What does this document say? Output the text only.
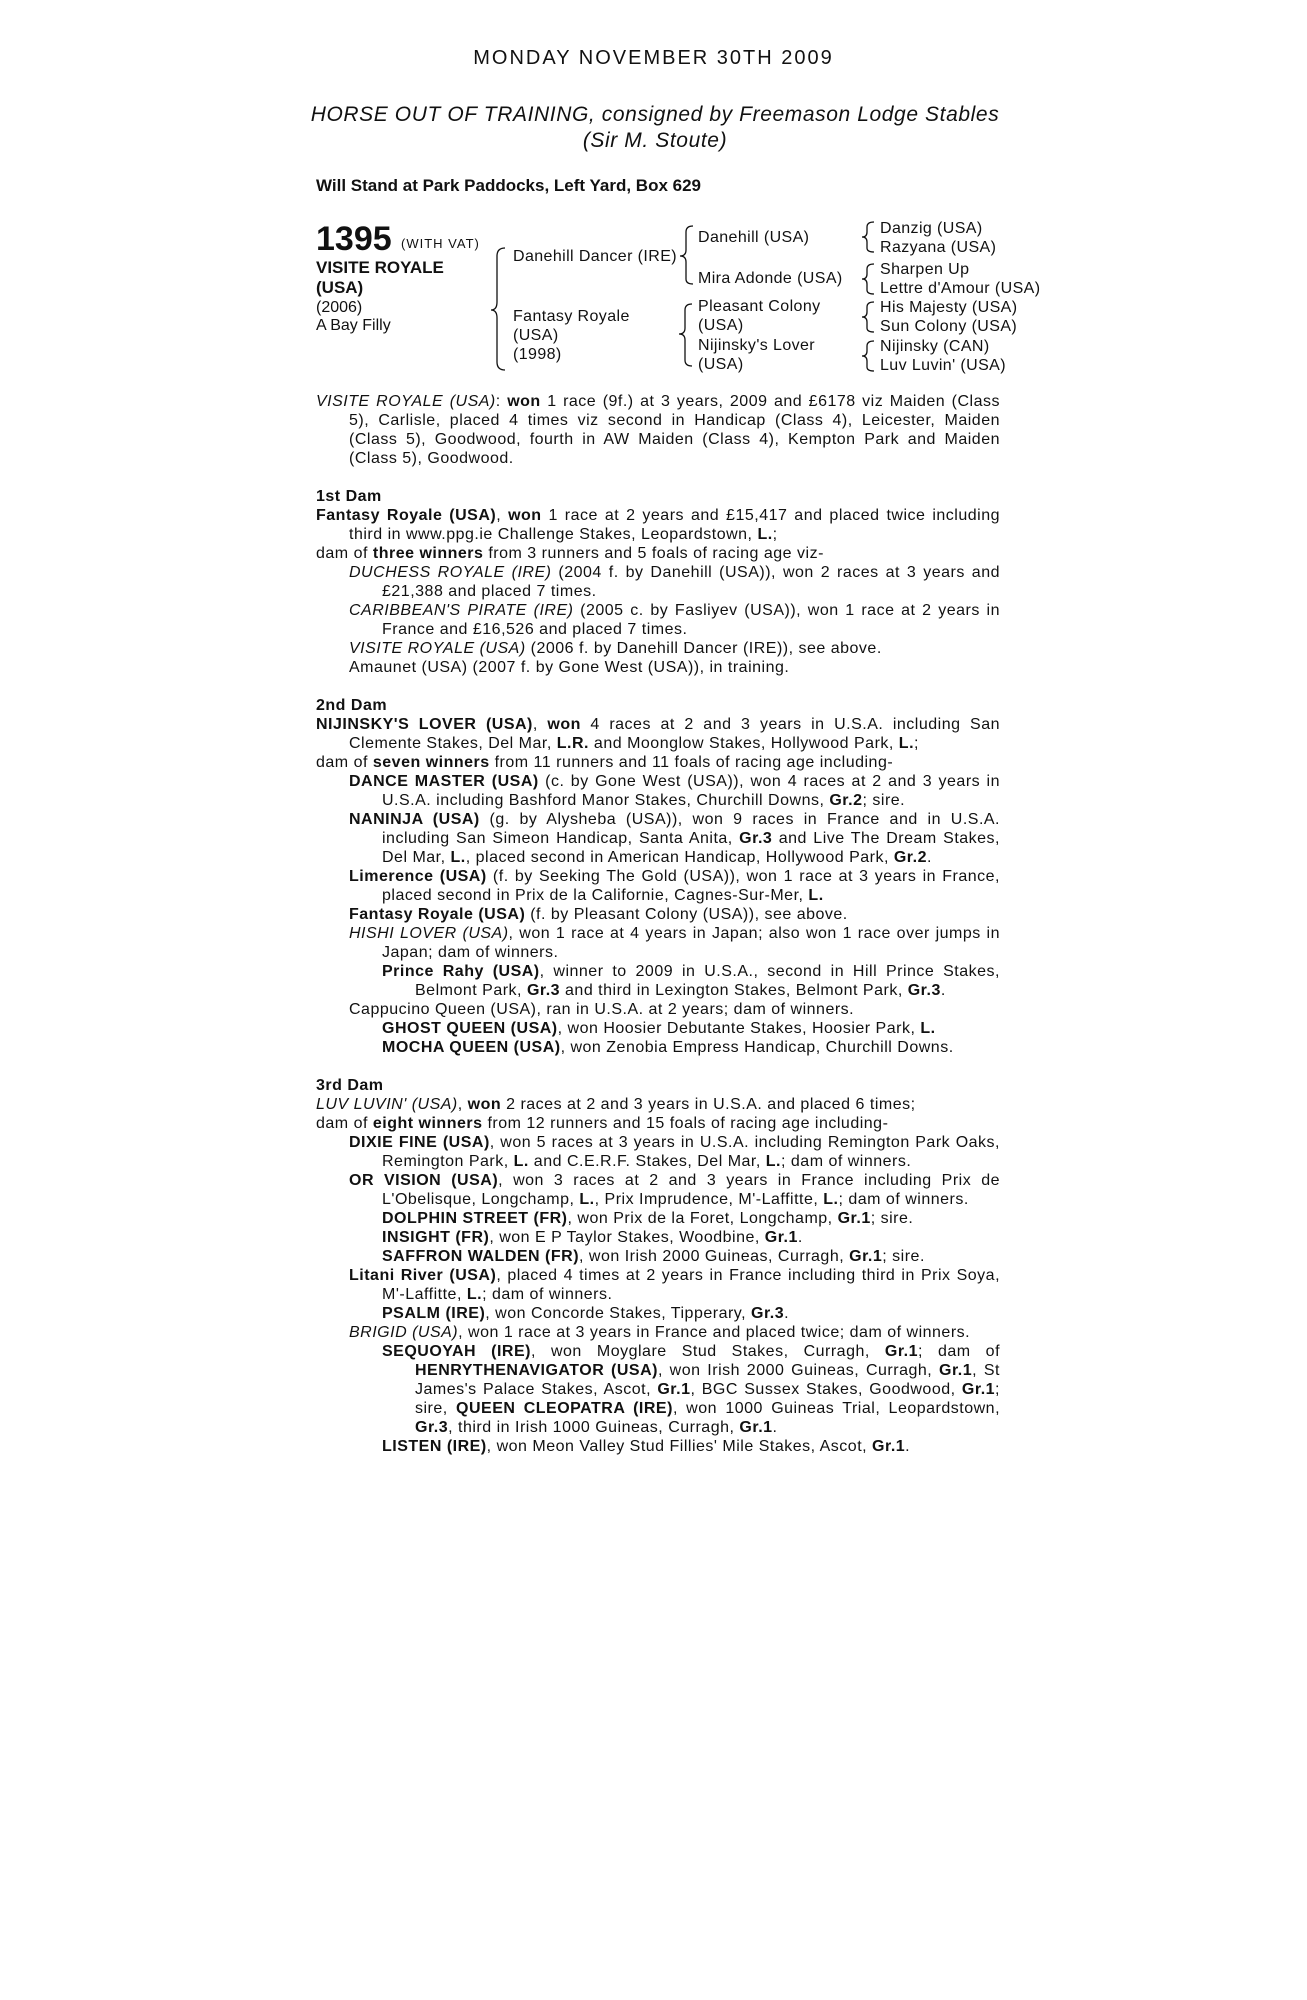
MONDAY NOVEMBER 30TH 2009
HORSE OUT OF TRAINING, consigned by Freemason Lodge Stables (Sir M. Stoute)
Will Stand at Park Paddocks, Left Yard, Box 629
1395 (WITH VAT)
VISITE ROYALE
(USA)
(2006)
A Bay Filly
Danehill Dancer (IRE)
Fantasy Royale
(USA)
(1998)
Danehill (USA)
Mira Adonde (USA)
Pleasant Colony
(USA)
Nijinsky's Lover
(USA)
Danzig (USA)
Razyana (USA)
Sharpen Up
Lettre d'Amour (USA)
His Majesty (USA)
Sun Colony (USA)
Nijinsky (CAN)
Luv Luvin' (USA)

VISITE ROYALE (USA): won 1 race (9f.) at 3 years, 2009 and £6178 viz Maiden (Class 5), Carlisle, placed 4 times viz second in Handicap (Class 4), Leicester, Maiden (Class 5), Goodwood, fourth in AW Maiden (Class 4), Kempton Park and Maiden (Class 5), Goodwood.

1st Dam

Fantasy Royale (USA), won 1 race at 2 years and £15,417 and placed twice including third in www.ppg.ie Challenge Stakes, Leopardstown, L.;

dam of three winners from 3 runners and 5 foals of racing age viz-

DUCHESS ROYALE (IRE) (2004 f. by Danehill (USA)), won 2 races at 3 years and £21,388 and placed 7 times.

CARIBBEAN'S PIRATE (IRE) (2005 c. by Fasliyev (USA)), won 1 race at 2 years in France and £16,526 and placed 7 times.

VISITE ROYALE (USA) (2006 f. by Danehill Dancer (IRE)), see above.

Amaunet (USA) (2007 f. by Gone West (USA)), in training.

2nd Dam

NIJINSKY'S LOVER (USA), won 4 races at 2 and 3 years in U.S.A. including San Clemente Stakes, Del Mar, L.R. and Moonglow Stakes, Hollywood Park, L.;

dam of seven winners from 11 runners and 11 foals of racing age including-

DANCE MASTER (USA) (c. by Gone West (USA)), won 4 races at 2 and 3 years in U.S.A. including Bashford Manor Stakes, Churchill Downs, Gr.2; sire.

NANINJA (USA) (g. by Alysheba (USA)), won 9 races in France and in U.S.A. including San Simeon Handicap, Santa Anita, Gr.3 and Live The Dream Stakes, Del Mar, L., placed second in American Handicap, Hollywood Park, Gr.2.

Limerence (USA) (f. by Seeking The Gold (USA)), won 1 race at 3 years in France, placed second in Prix de la Californie, Cagnes-Sur-Mer, L.

Fantasy Royale (USA) (f. by Pleasant Colony (USA)), see above.

HISHI LOVER (USA), won 1 race at 4 years in Japan; also won 1 race over jumps in Japan; dam of winners.

Prince Rahy (USA), winner to 2009 in U.S.A., second in Hill Prince Stakes, Belmont Park, Gr.3 and third in Lexington Stakes, Belmont Park, Gr.3.

Cappucino Queen (USA), ran in U.S.A. at 2 years; dam of winners.

GHOST QUEEN (USA), won Hoosier Debutante Stakes, Hoosier Park, L.

MOCHA QUEEN (USA), won Zenobia Empress Handicap, Churchill Downs.

3rd Dam

LUV LUVIN' (USA), won 2 races at 2 and 3 years in U.S.A. and placed 6 times;

dam of eight winners from 12 runners and 15 foals of racing age including-

DIXIE FINE (USA), won 5 races at 3 years in U.S.A. including Remington Park Oaks, Remington Park, L. and C.E.R.F. Stakes, Del Mar, L.; dam of winners.

OR VISION (USA), won 3 races at 2 and 3 years in France including Prix de L'Obelisque, Longchamp, L., Prix Imprudence, M'-Laffitte, L.; dam of winners.

DOLPHIN STREET (FR), won Prix de la Foret, Longchamp, Gr.1; sire.

INSIGHT (FR), won E P Taylor Stakes, Woodbine, Gr.1.

SAFFRON WALDEN (FR), won Irish 2000 Guineas, Curragh, Gr.1; sire.

Litani River (USA), placed 4 times at 2 years in France including third in Prix Soya, M'-Laffitte, L.; dam of winners.

PSALM (IRE), won Concorde Stakes, Tipperary, Gr.3.

BRIGID (USA), won 1 race at 3 years in France and placed twice; dam of winners.

SEQUOYAH (IRE), won Moyglare Stud Stakes, Curragh, Gr.1; dam of HENRYTHENAVIGATOR (USA), won Irish 2000 Guineas, Curragh, Gr.1, St James's Palace Stakes, Ascot, Gr.1, BGC Sussex Stakes, Goodwood, Gr.1; sire, QUEEN CLEOPATRA (IRE), won 1000 Guineas Trial, Leopardstown, Gr.3, third in Irish 1000 Guineas, Curragh, Gr.1.

LISTEN (IRE), won Meon Valley Stud Fillies' Mile Stakes, Ascot, Gr.1.
